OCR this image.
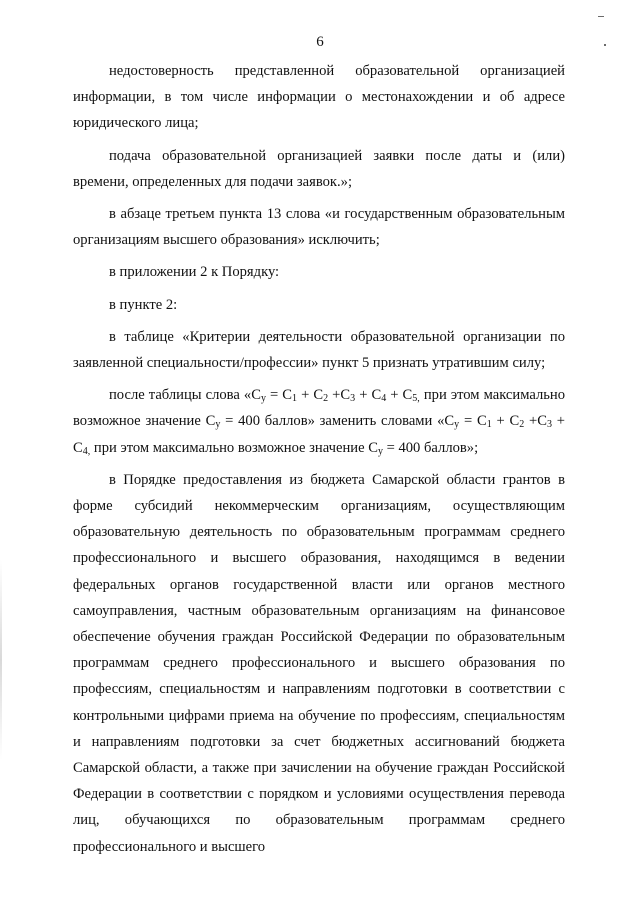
6

недостоверность представленной образовательной организацией информации, в том числе информации о местонахождении и об адресе юридического лица;

подача образовательной организацией заявки после даты и (или) времени, определенных для подачи заявок.»;

в абзаце третьем пункта 13 слова «и государственным образовательным организациям высшего образования» исключить;

в приложении 2 к Порядку:

в пункте 2:

в таблице «Критерии деятельности образовательной организации по заявленной специальности/профессии» пункт 5 признать утратившим силу;

после таблицы слова «$С_у = С_1 + С_2 +С_3 + С_4 + С_{5,}$ при этом максимально возможное значение $С_у = 400$ баллов» заменить словами «$С_у = С_1 + С_2 +С_3 + С_{4,}$ при этом максимально возможное значение $С_у = 400$ баллов»;

в Порядке предоставления из бюджета Самарской области грантов в форме субсидий некоммерческим организациям, осуществляющим образовательную деятельность по образовательным программам среднего профессионального и высшего образования, находящимся в ведении федеральных органов государственной власти или органов местного самоуправления, частным образовательным организациям на финансовое обеспечение обучения граждан Российской Федерации по образовательным программам среднего профессионального и высшего образования по профессиям, специальностям и направлениям подготовки в соответствии с контрольными цифрами приема на обучение по профессиям, специальностям и направлениям подготовки за счет бюджетных ассигнований бюджета Самарской области, а также при зачислении на обучение граждан Российской Федерации в соответствии с порядком и условиями осуществления перевода лиц, обучающихся по образовательным программам среднего профессионального и высшего
